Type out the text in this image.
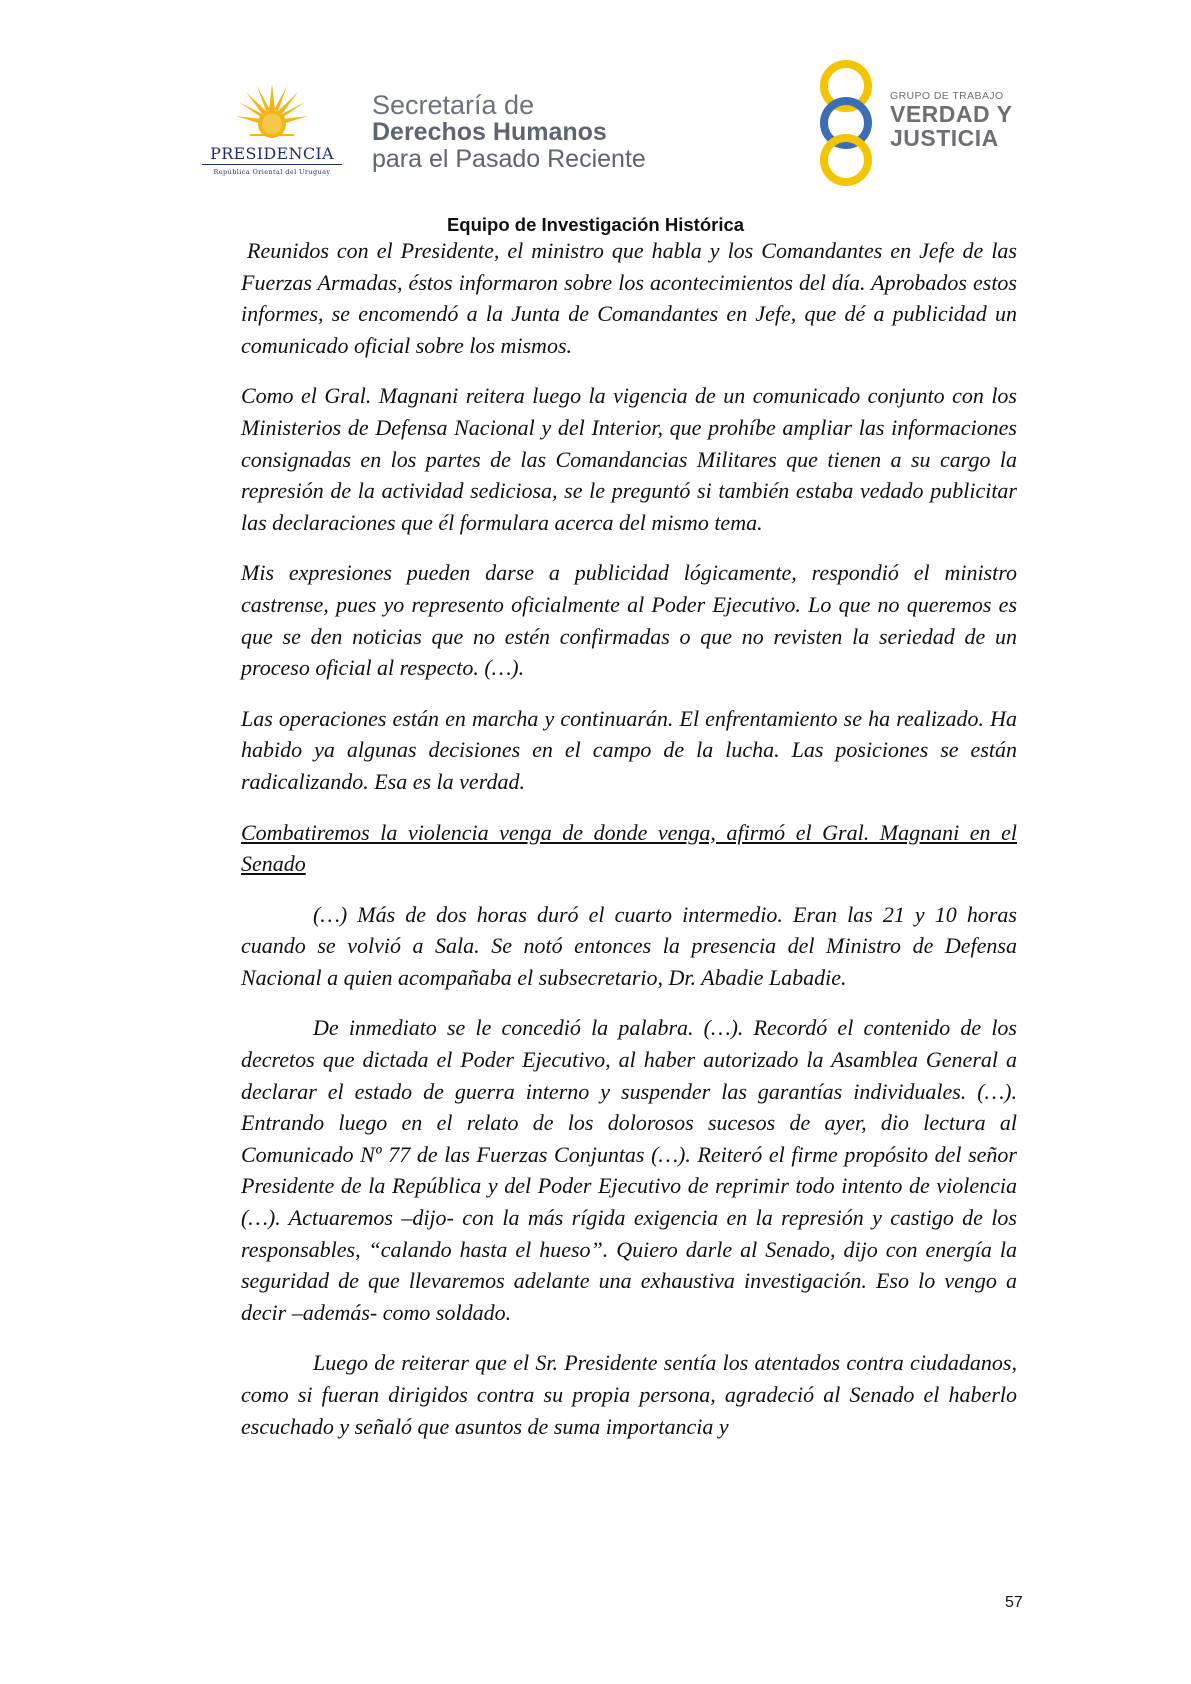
PRESIDENCIA
República Oriental del Uruguay
Secretaría de
Derechos Humanos
para el Pasado Reciente
GRUPO DE TRABAJO
VERDAD Y
JUSTICIA
Equipo de Investigación Histórica

Reunidos con el Presidente, el ministro que habla y los Comandantes en Jefe de las Fuerzas Armadas, éstos informaron sobre los acontecimientos del día. Aprobados estos informes, se encomendó a la Junta de Comandantes en Jefe, que dé a publicidad un comunicado oficial sobre los mismos.

Como el Gral. Magnani reitera luego la vigencia de un comunicado conjunto con los Ministerios de Defensa Nacional y del Interior, que prohíbe ampliar las informaciones consignadas en los partes de las Comandancias Militares que tienen a su cargo la represión de la actividad sediciosa, se le preguntó si también estaba vedado publicitar las declaraciones que él formulara acerca del mismo tema.

Mis expresiones pueden darse a publicidad lógicamente, respondió el ministro castrense, pues yo represento oficialmente al Poder Ejecutivo. Lo que no queremos es que se den noticias que no estén confirmadas o que no revisten la seriedad de un proceso oficial al respecto. (…).

Las operaciones están en marcha y continuarán. El enfrentamiento se ha realizado. Ha habido ya algunas decisiones en el campo de la lucha. Las posiciones se están radicalizando. Esa es la verdad.

Combatiremos la violencia venga de donde venga, afirmó el Gral. Magnani en el Senado

(…) Más de dos horas duró el cuarto intermedio. Eran las 21 y 10 horas cuando se volvió a Sala. Se notó entonces la presencia del Ministro de Defensa Nacional a quien acompañaba el subsecretario, Dr. Abadie Labadie.

De inmediato se le concedió la palabra. (…). Recordó el contenido de los decretos que dictada el Poder Ejecutivo, al haber autorizado la Asamblea General a declarar el estado de guerra interno y suspender las garantías individuales. (…). Entrando luego en el relato de los dolorosos sucesos de ayer, dio lectura al Comunicado Nº 77 de las Fuerzas Conjuntas (…). Reiteró el firme propósito del señor Presidente de la República y del Poder Ejecutivo de reprimir todo intento de violencia (…). Actuaremos –dijo- con la más rígida exigencia en la represión y castigo de los responsables, “calando hasta el hueso”. Quiero darle al Senado, dijo con energía la seguridad de que llevaremos adelante una exhaustiva investigación. Eso lo vengo a decir –además- como soldado.

Luego de reiterar que el Sr. Presidente sentía los atentados contra ciudadanos, como si fueran dirigidos contra su propia persona, agradeció al Senado el haberlo escuchado y señaló que asuntos de suma importancia y

57
